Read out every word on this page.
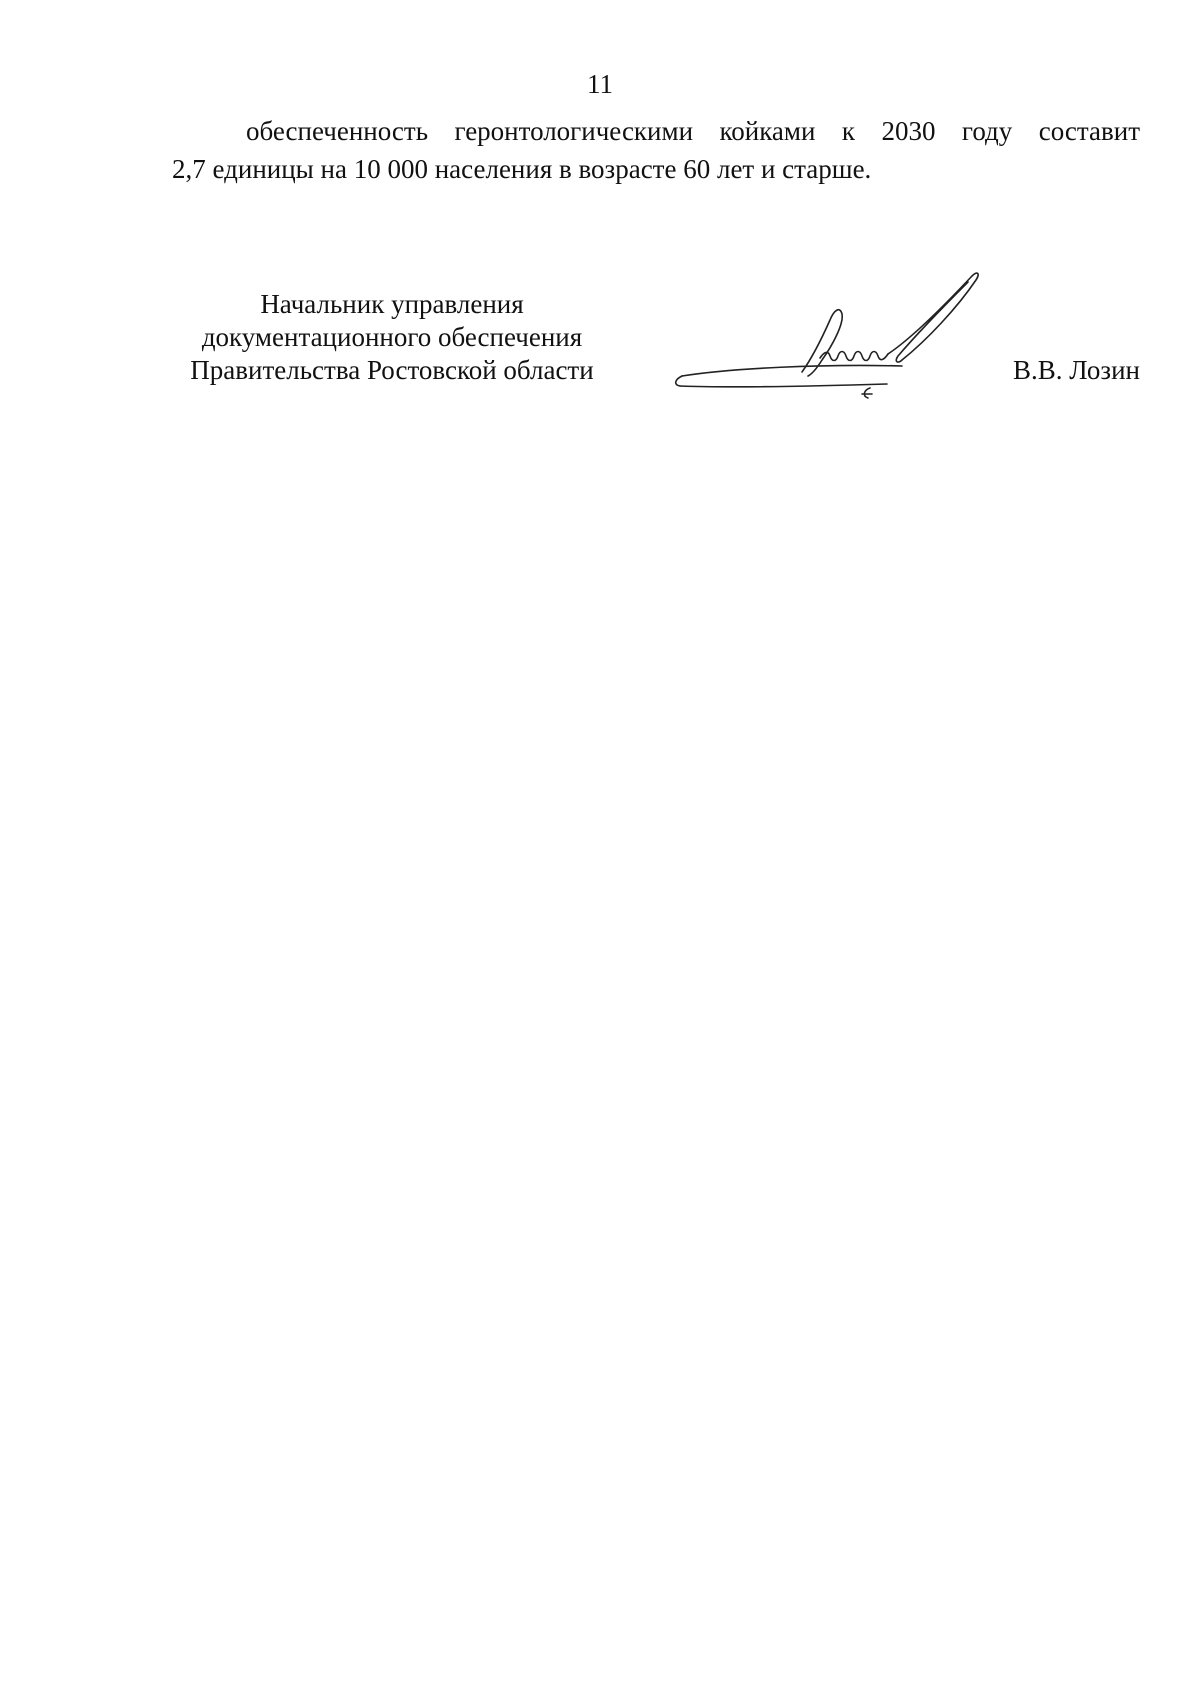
11
обеспеченность геронтологическими койками к 2030 году составит
2,7 единицы на 10 000 населения в возрасте 60 лет и старше.
Начальник управления
документационного обеспечения
Правительства Ростовской области	В.В. Лозин
